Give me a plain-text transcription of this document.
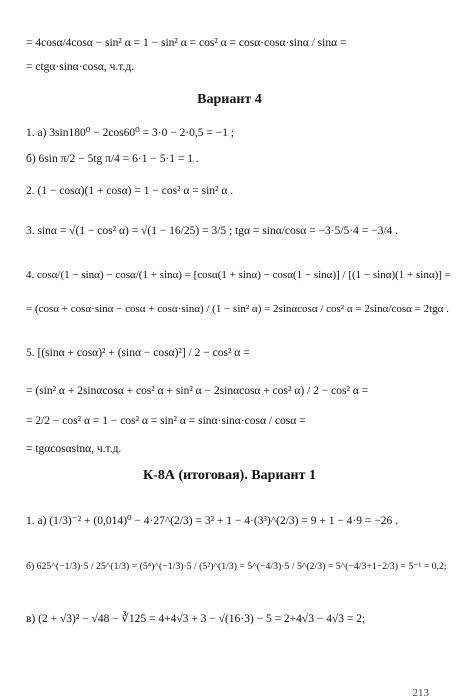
= 4cosα/4cosα − sin² α = 1 − sin² α = cos² α = cosα·cosα·sinα / sinα =
= ctgα·sinα·cosα, ч.т.д.
Вариант 4
1. а) 3sin180⁰ − 2cos60⁰ = 3·0 − 2·0,5 = −1 ;
б) 6sin π/2 − 5tg π/4 = 6·1 − 5·1 = 1 .
2. (1 − cosα)(1 + cosα) = 1 − cos² α = sin² α .
3. sinα = √(1 − cos² α) = √(1 − 16/25) = 3/5 ; tgα = sinα/cosα = −3·5/5·4 = −3/4 .
4. cosα/(1 − sinα) − cosα/(1 + sinα) = [cosα(1 + sinα) − cosα(1 − sinα)] / [(1 − sinα)(1 + sinα)] =
= (cosα + cosα·sinα − cosα + cosα·sinα) / (1 − sin² α) = 2sinαcosα / cos² α = 2sinα/cosα = 2tgα .
5. [(sinα + cosα)² + (sinα − cosα)²] / 2 − cos² α =
= (sin² α + 2sinαcosα + cos² α + sin² α − 2sinαcosα + cos² α) / 2 − cos² α =
= 2/2 − cos² α = 1 − cos² α = sin² α = sinα·sinα·cosα / cosα =
= tgαcosαsinα, ч.т.д.
К-8А (итоговая). Вариант 1
1. а) (1/3)⁻² + (0,014)⁰ − 4·27^(2/3) = 3² + 1 − 4·(3³)^(2/3) = 9 + 1 − 4·9 = −26 .
б) 625^(−1/3)·5 / 25^(1/3) = (5⁴)^(−1/3)·5 / (5²)^(1/3) = 5^(−4/3)·5 / 5^(2/3) = 5^(−4/3+1−2/3) = 5⁻¹ = 0,2;
в) (2 + √3)² − √48 − ∛125 = 4+4√3 + 3 − √(16·3) − 5 = 2+4√3 − 4√3 = 2;
213
